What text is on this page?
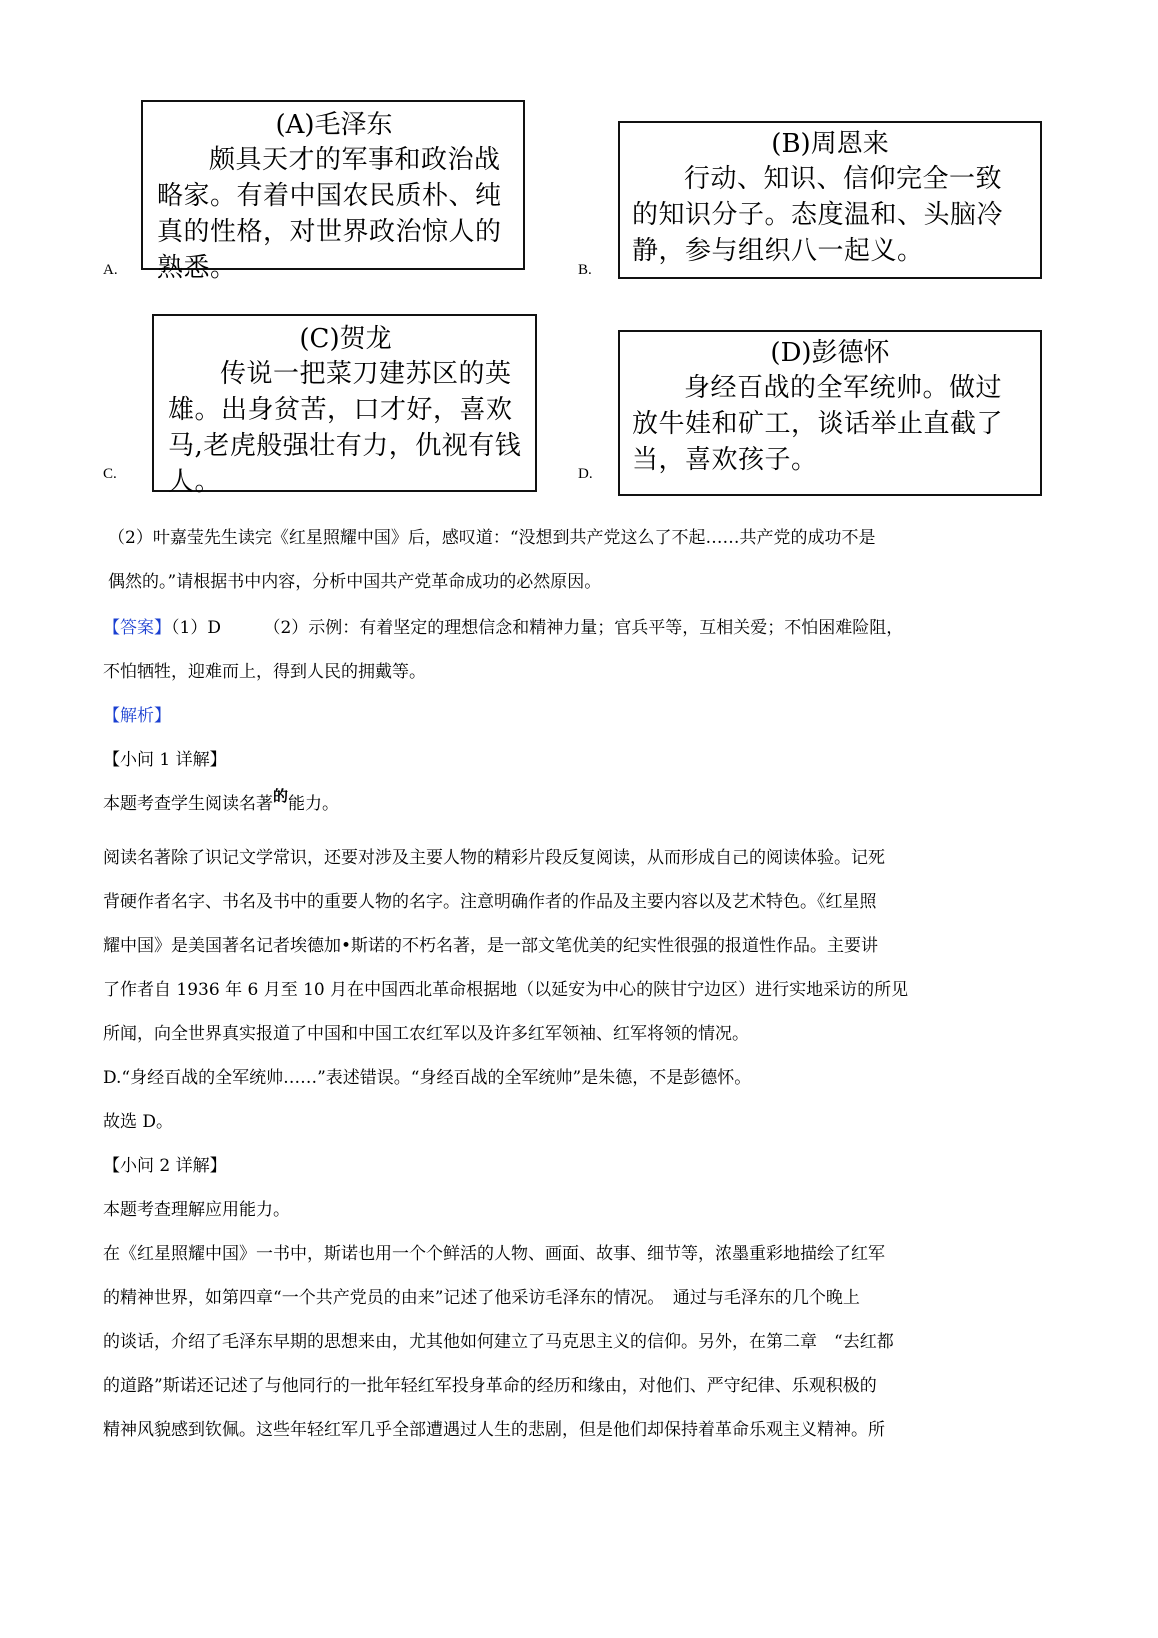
A.	B.
C.	D.
(A)毛泽东
颇具天才的军事和政治战略家。有着中国农民质朴、纯真的性格，对世界政治惊人的熟悉。
(B)周恩来
行动、知识、信仰完全一致的知识分子。态度温和、头脑冷静，参与组织八一起义。
(C)贺龙
传说一把菜刀建苏区的英雄。出身贫苦，口才好，喜欢马,老虎般强壮有力，仇视有钱人。
(D)彭德怀
身经百战的全军统帅。做过放牛娃和矿工，谈话举止直截了当，喜欢孩子。
（2）叶嘉莹先生读完《红星照耀中国》后，感叹道：“没想到共产党这么了不起……共产党的成功不是
偶然的。”请根据书中内容，分析中国共产党革命成功的必然原因。
【答案】（1）D　　　（2）示例：有着坚定的理想信念和精神力量；官兵平等，互相关爱；不怕困难险阻，
不怕牺牲，迎难而上，得到人民的拥戴等。
【解析】
【小问 1 详解】
本题考查学生阅读名著的能力。
阅读名著除了识记文学常识，还要对涉及主要人物的精彩片段反复阅读，从而形成自己的阅读体验。记死
背硬作者名字、书名及书中的重要人物的名字。注意明确作者的作品及主要内容以及艺术特色。《红星照
耀中国》是美国著名记者埃德加•斯诺的不朽名著，是一部文笔优美的纪实性很强的报道性作品。主要讲
了作者自 1936 年 6 月至 10 月在中国西北革命根据地（以延安为中心的陕甘宁边区）进行实地采访的所见
所闻，向全世界真实报道了中国和中国工农红军以及许多红军领袖、红军将领的情况。
D.“身经百战的全军统帅……”表述错误。“身经百战的全军统帅”是朱德，不是彭德怀。
故选 D。
【小问 2 详解】
本题考查理解应用能力。
在《红星照耀中国》一书中，斯诺也用一个个鲜活的人物、画面、故事、细节等，浓墨重彩地描绘了红军
的精神世界，如第四章“一个共产党员的由来”记述了他采访毛泽东的情况。　通过与毛泽东的几个晚上
的谈话，介绍了毛泽东早期的思想来由，尤其他如何建立了马克思主义的信仰。另外，在第二章　“去红都
的道路”斯诺还记述了与他同行的一批年轻红军投身革命的经历和缘由，对他们、严守纪律、乐观积极的
精神风貌感到钦佩。这些年轻红军几乎全部遭遇过人生的悲剧，但是他们却保持着革命乐观主义精神。所
